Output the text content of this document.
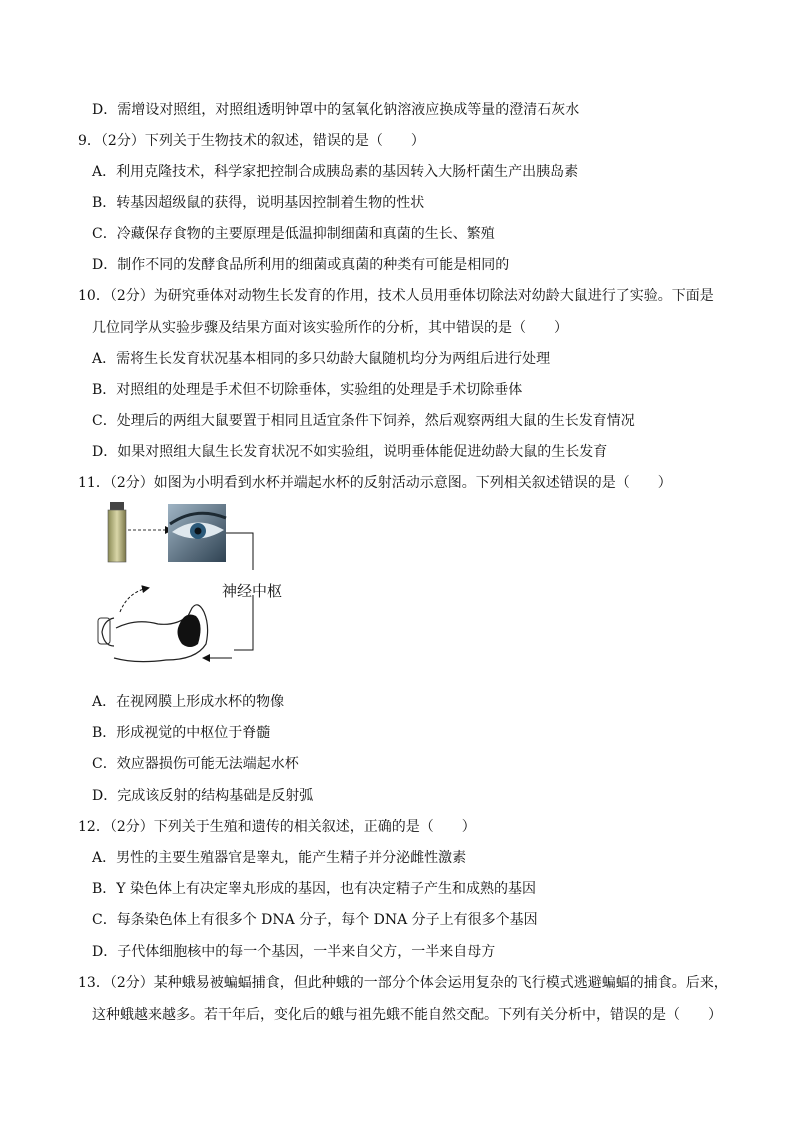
D．需增设对照组，对照组透明钟罩中的氢氧化钠溶液应换成等量的澄清石灰水
9．（2分）下列关于生物技术的叙述，错误的是（　　）
A．利用克隆技术，科学家把控制合成胰岛素的基因转入大肠杆菌生产出胰岛素
B．转基因超级鼠的获得，说明基因控制着生物的性状
C．冷藏保存食物的主要原理是低温抑制细菌和真菌的生长、繁殖
D．制作不同的发酵食品所利用的细菌或真菌的种类有可能是相同的
10．（2分）为研究垂体对动物生长发育的作用，技术人员用垂体切除法对幼龄大鼠进行了实验。下面是
几位同学从实验步骤及结果方面对该实验所作的分析，其中错误的是（　　）
A．需将生长发育状况基本相同的多只幼龄大鼠随机均分为两组后进行处理
B．对照组的处理是手术但不切除垂体，实验组的处理是手术切除垂体
C．处理后的两组大鼠要置于相同且适宜条件下饲养，然后观察两组大鼠的生长发育情况
D．如果对照组大鼠生长发育状况不如实验组，说明垂体能促进幼龄大鼠的生长发育
11．（2分）如图为小明看到水杯并端起水杯的反射活动示意图。下列相关叙述错误的是（　　）
神经中枢
A．在视网膜上形成水杯的物像
B．形成视觉的中枢位于脊髓
C．效应器损伤可能无法端起水杯
D．完成该反射的结构基础是反射弧
12．（2分）下列关于生殖和遗传的相关叙述，正确的是（　　）
A．男性的主要生殖器官是睾丸，能产生精子并分泌雌性激素
B．Y 染色体上有决定睾丸形成的基因，也有决定精子产生和成熟的基因
C．每条染色体上有很多个 DNA 分子，每个 DNA 分子上有很多个基因
D．子代体细胞核中的每一个基因，一半来自父方，一半来自母方
13．（2分）某种蛾易被蝙蝠捕食，但此种蛾的一部分个体会运用复杂的飞行模式逃避蝙蝠的捕食。后来，
这种蛾越来越多。若干年后，变化后的蛾与祖先蛾不能自然交配。下列有关分析中，错误的是（　　）
